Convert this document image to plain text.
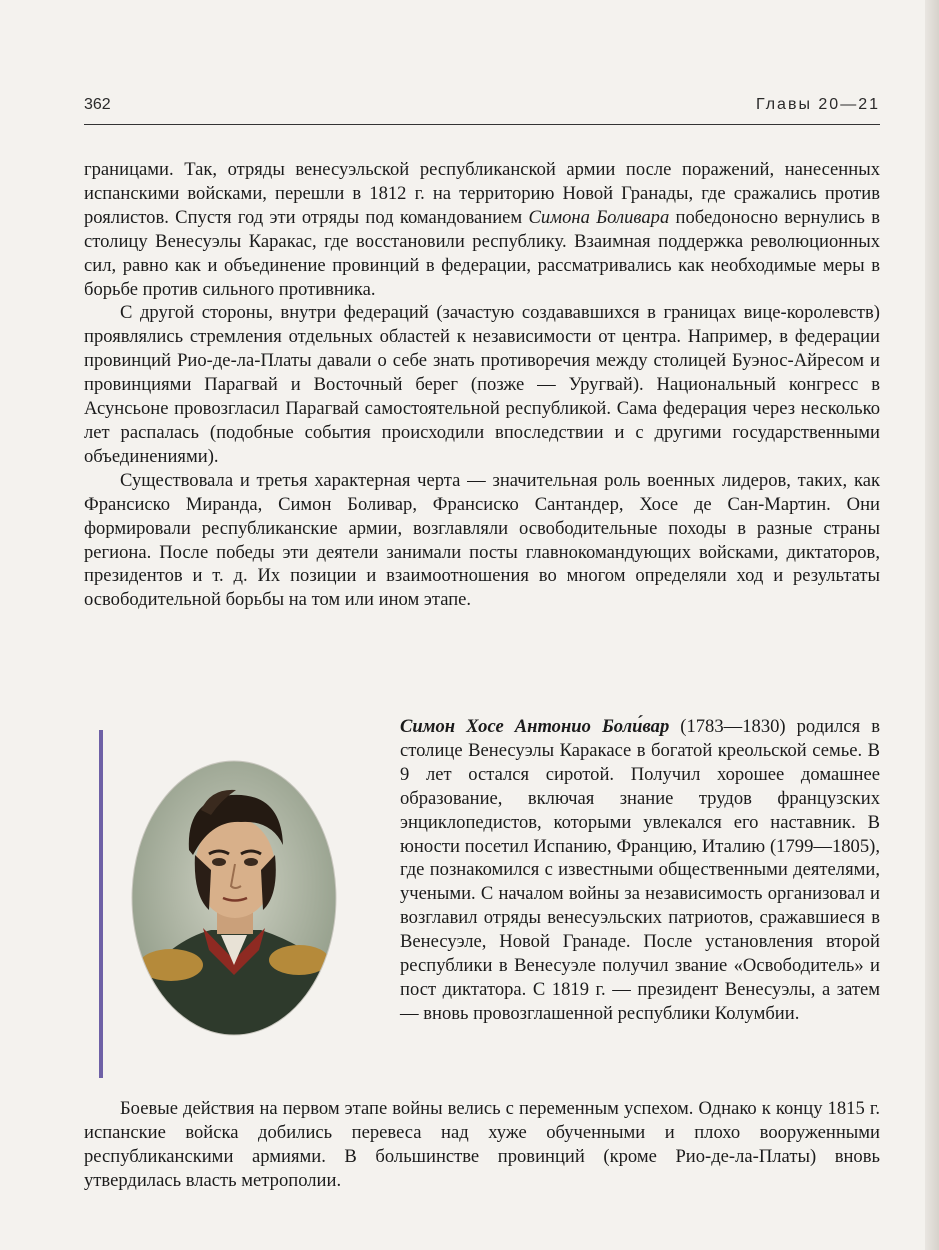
362	Главы 20—21

границами. Так, отряды венесуэльской республиканской армии после поражений, нанесенных испанскими войсками, перешли в 1812 г. на территорию Новой Гранады, где сражались против роялистов. Спустя год эти отряды под командованием Симона Боливара победоносно вернулись в столицу Венесуэлы Каракас, где восстановили республику. Взаимная поддержка революционных сил, равно как и объединение провинций в федерации, рассматривались как необходимые меры в борьбе против сильного противника.

С другой стороны, внутри федераций (зачастую создававшихся в границах вице-королевств) проявлялись стремления отдельных областей к независимости от центра. Например, в федерации провинций Рио-де-ла-Платы давали о себе знать противоречия между столицей Буэнос-Айресом и провинциями Парагвай и Восточный берег (позже — Уругвай). Национальный конгресс в Асунсьоне провозгласил Парагвай самостоятельной республикой. Сама федерация через несколько лет распалась (подобные события происходили впоследствии и с другими государственными объединениями).

Существовала и третья характерная черта — значительная роль военных лидеров, таких, как Франсиско Миранда, Симон Боливар, Франсиско Сантандер, Хосе де Сан-Мартин. Они формировали республиканские армии, возглавляли освободительные походы в разные страны региона. После победы эти деятели занимали посты главнокомандующих войсками, диктаторов, президентов и т. д. Их позиции и взаимоотношения во многом определяли ход и результаты освободительной борьбы на том или ином этапе.

Симон Хосе Антонио Боли́вар (1783—1830) родился в столице Венесуэлы Каракасе в богатой креольской семье. В 9 лет остался сиротой. Получил хорошее домашнее образование, включая знание трудов французских энциклопедистов, которыми увлекался его наставник. В юности посетил Испанию, Францию, Италию (1799—1805), где познакомился с известными общественными деятелями, учеными. С началом войны за независимость организовал и возглавил отряды венесуэльских патриотов, сражавшиеся в Венесуэле, Новой Гранаде. После установления второй республики в Венесуэле получил звание «Освободитель» и пост диктатора. С 1819 г. — президент Венесуэлы, а затем — вновь провозглашенной республики Колумбии.

Боевые действия на первом этапе войны велись с переменным успехом. Однако к концу 1815 г. испанские войска добились перевеса над хуже обученными и плохо вооруженными республиканскими армиями. В большинстве провинций (кроме Рио-де-ла-Платы) вновь утвердилась власть метрополии.
